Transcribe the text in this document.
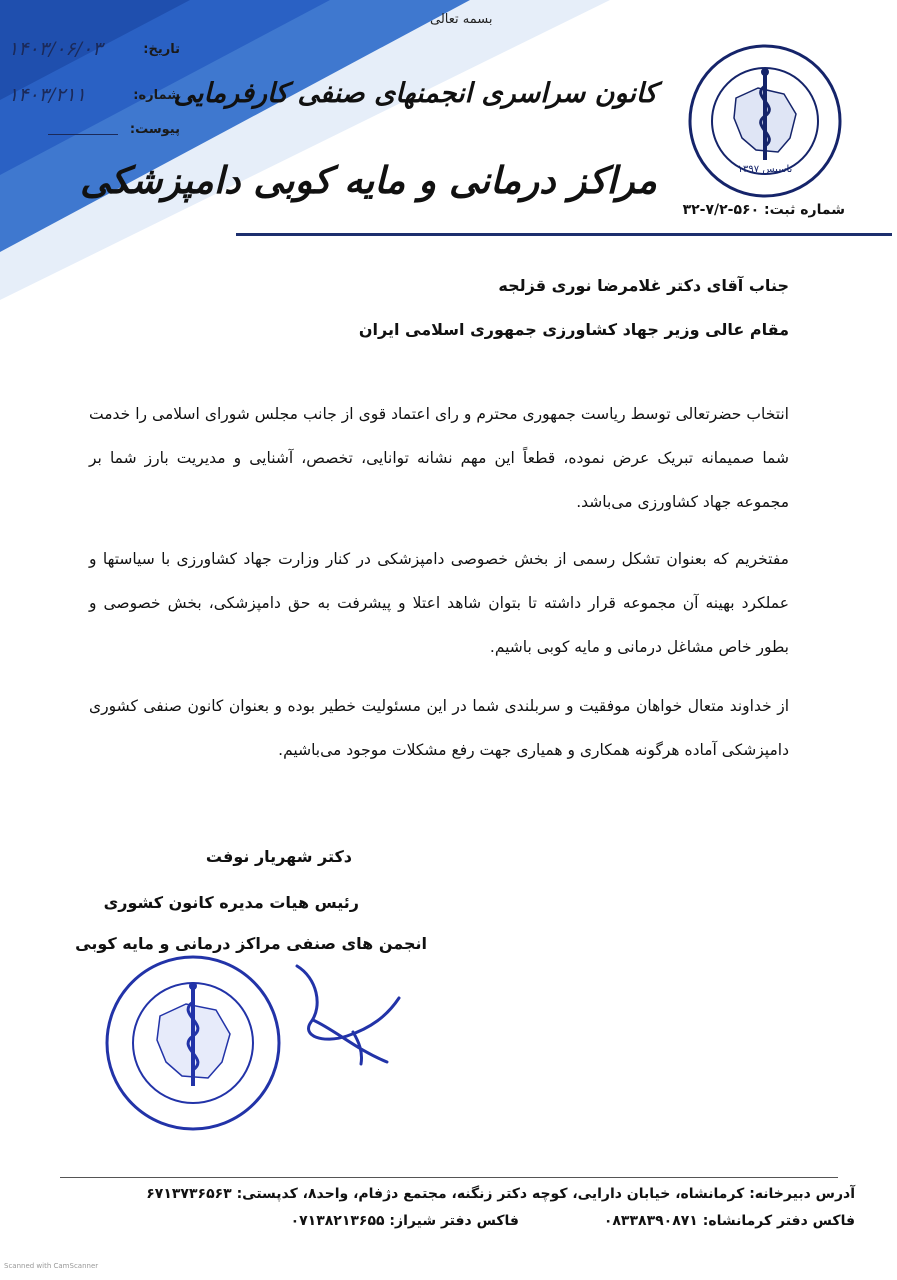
بسمه تعالی
تاریخ:
۱۴۰۳/۰۶/۰۳
شماره:
۱۴۰۳/۲۱۱
پیوست:
کانون سراسری انجمنهای صنفی کارفرمایی
مراکز درمانی و مایه کوبی دامپزشکی	تاسیس ۱۳۹۷
شماره ثبت: ۵۶۰-۷/۲-۳۲
جناب آقای دکتر غلامرضا نوری قزلجه
مقام عالی وزیر جهاد کشاورزی جمهوری اسلامی ایران
انتخاب حضرتعالی توسط ریاست جمهوری محترم و رای اعتماد قوی از جانب مجلس شورای اسلامی را خدمت شما صمیمانه تبریک عرض نموده، قطعاً این مهم نشانه توانایی، تخصص، آشنایی و مدیریت بارز شما بر مجموعه جهاد کشاورزی می‌باشد.
مفتخریم که بعنوان تشکل رسمی از بخش خصوصی دامپزشکی در کنار وزارت جهاد کشاورزی با سیاستها و عملکرد بهینه آن مجموعه قرار داشته تا بتوان شاهد اعتلا و پیشرفت به حق دامپزشکی، بخش خصوصی و بطور خاص مشاغل درمانی و مایه کوبی باشیم.
از خداوند متعال خواهان موفقیت و سربلندی شما در این مسئولیت خطیر بوده و بعنوان کانون صنفی کشوری دامپزشکی آماده هرگونه همکاری و همیاری جهت رفع مشکلات موجود می‌باشیم.
دکتر شهریار نوفت
رئیس هیات مدیره کانون کشوری
انجمن های صنفی مراکز درمانی و مایه کوبی
آدرس دبیرخانه: کرمانشاه، خیابان دارایی، کوچه دکتر زنگنه، مجتمع دژفام، واحد۸، کدپستی: ۶۷۱۳۷۳۶۵۶۳
فاکس دفتر کرمانشاه: ۰۸۳۳۸۳۹۰۸۷۱ فاکس دفتر شیراز: ۰۷۱۳۸۲۱۳۶۵۵
Scanned with CamScanner
